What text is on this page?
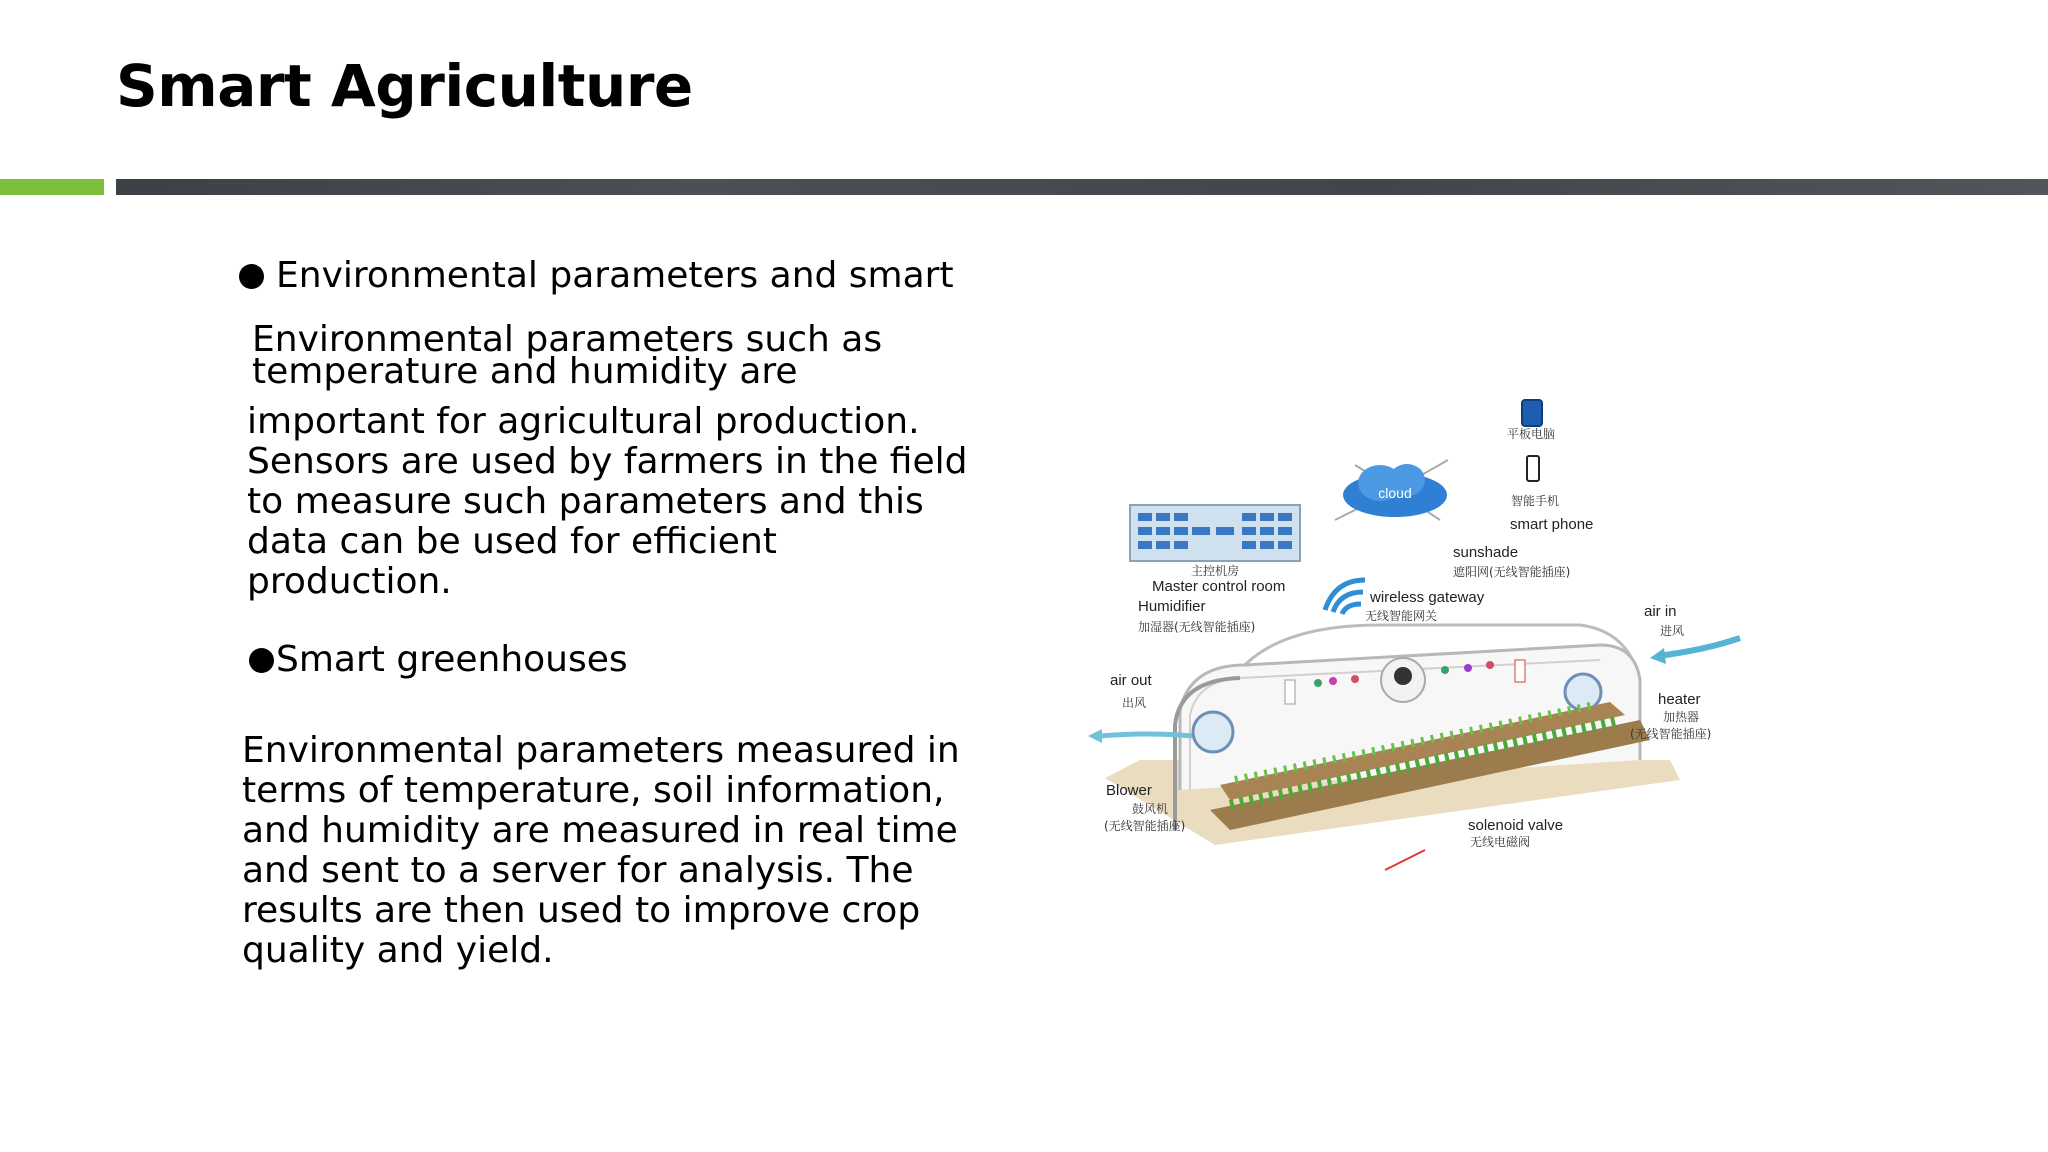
Smart Agriculture
Environmental parameters and smart
Environmental parameters such as
temperature and humidity are
important for agricultural production.
Sensors are used by farmers in the field
to measure such parameters and this
data can be used for efficient
production.
Smart greenhouses
Environmental parameters measured in
terms of temperature, soil information,
and humidity are measured in real time
and sent to a server for analysis. The
results are then used to improve crop
quality and yield.
cloud
平板电脑
智能手机
smart phone
主控机房
Master control room
Humidifier
加湿器(无线智能插座)
sunshade
遮阳网(无线智能插座)
wireless gateway
无线智能网关	air in
进风
air out
出风	heater
加热器
(无线智能插座)
Blower
鼓风机
(无线智能插座)	solenoid valve
无线电磁阀
